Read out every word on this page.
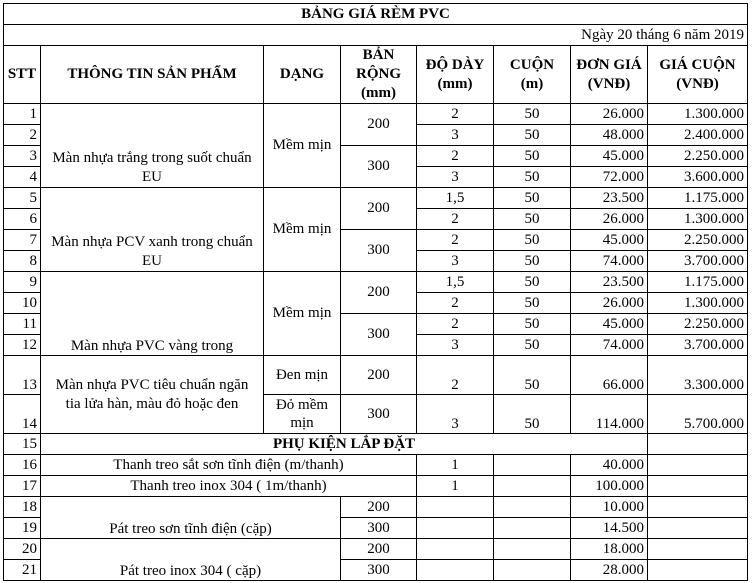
BẢNG GIÁ RÈM PVC							
Ngày 20 tháng 6 năm 2019							
STT	THÔNG TIN SẢN PHẨM	DẠNG	BẢN RỘNG (mm)	ĐỘ DÀY (mm)	CUỘN (m)	ĐƠN GIÁ (VNĐ)	GIÁ CUỘN (VNĐ)
1	Màn nhựa trắng trong suốt chuẩn EU	Mềm mịn	200	2	50	26.000	1.300.000
2				3	50	48.000	2.400.000
3			300	2	50	45.000	2.250.000
4				3	50	72.000	3.600.000
5	Màn nhựa PCV xanh trong chuẩn EU	Mềm mịn	200	1,5	50	23.500	1.175.000
6				2	50	26.000	1.300.000
7			300	2	50	45.000	2.250.000
8				3	50	74.000	3.700.000
9	Màn nhựa PVC vàng trong	Mềm mịn	200	1,5	50	23.500	1.175.000
10				2	50	26.000	1.300.000
11			300	2	50	45.000	2.250.000
12				3	50	74.000	3.700.000
13	Màn nhựa PVC tiêu chuẩn ngăn tia lửa hàn, màu đỏ hoặc đen	Đen mịn	200	2	50	66.000	3.300.000
14		Đỏ mềm mịn	300	3	50	114.000	5.700.000
15	PHỤ KIỆN LẮP ĐẶT						
16	Thanh treo sắt sơn tĩnh điện (m/thanh)			1		40.000	
17	Thanh treo inox 304 ( 1m/thanh)			1		100.000	
18	Pát treo sơn tĩnh điện (cặp)		200			10.000	
19			300			14.500	
20	Pát treo inox 304 ( cặp)		200			18.000	
21			300			28.000	
